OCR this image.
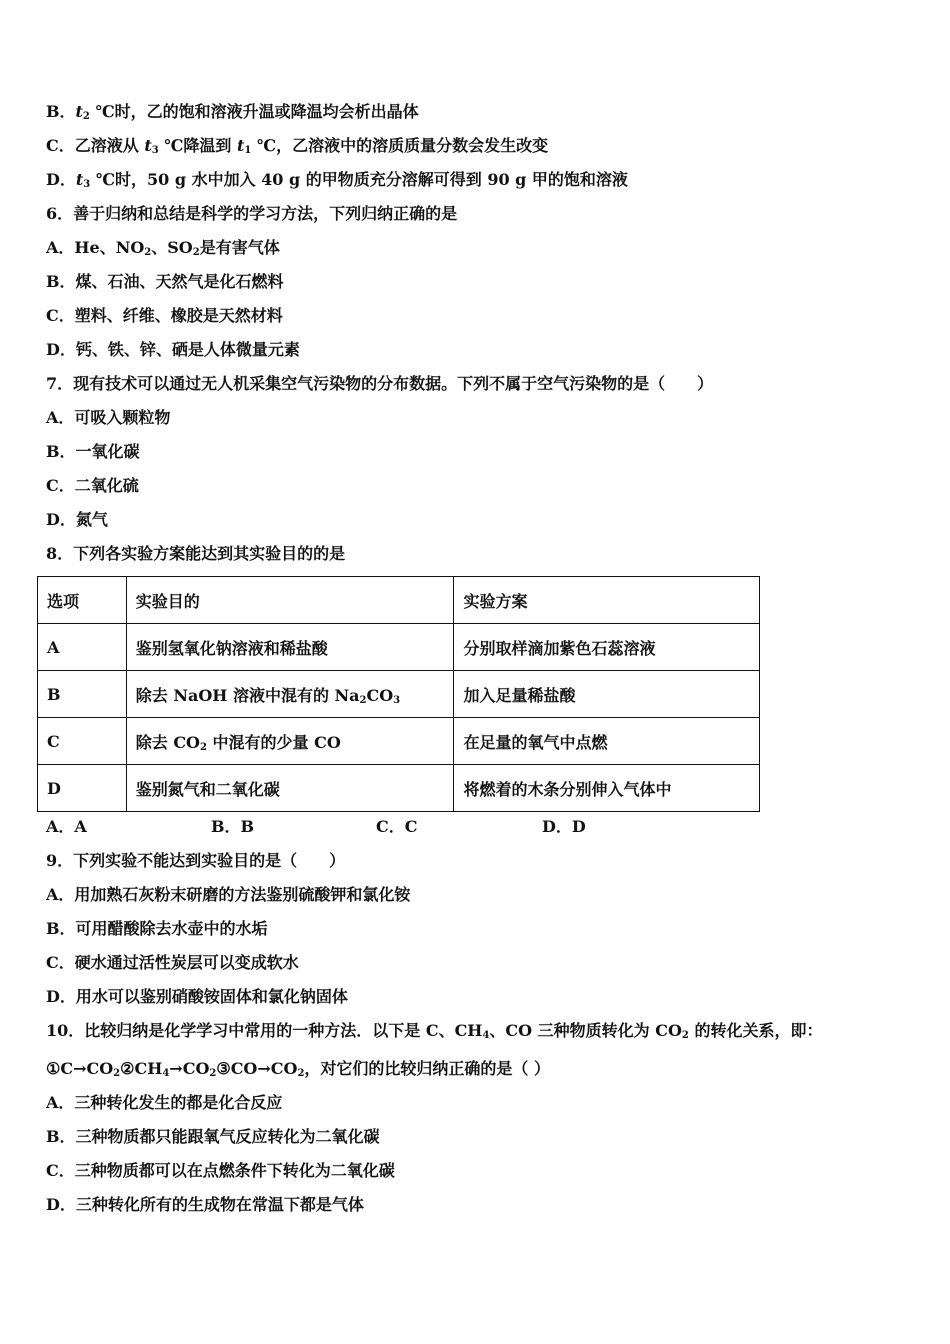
B．$t_2$ ℃时，乙的饱和溶液升温或降温均会析出晶体
C．乙溶液从 $t_3$ ℃降温到 $t_1$ ℃，乙溶液中的溶质质量分数会发生改变
D．$t_3$ ℃时，50 g 水中加入 40 g 的甲物质充分溶解可得到 90 g 甲的饱和溶液
6．善于归纳和总结是科学的学习方法，下列归纳正确的是
A．He、$NO_2$、$SO_2$是有害气体
B．煤、石油、天然气是化石燃料
C．塑料、纤维、橡胶是天然材料
D．钙、铁、锌、硒是人体微量元素
7．现有技术可以通过无人机采集空气污染物的分布数据。下列不属于空气污染物的是（　　）
A．可吸入颗粒物
B．一氧化碳
C．二氧化硫
D．氮气
8．下列各实验方案能达到其实验目的的是
选项	实验目的	实验方案
A	鉴别氢氧化钠溶液和稀盐酸	分别取样滴加紫色石蕊溶液
B	除去 NaOH 溶液中混有的 $Na_2CO_3$	加入足量稀盐酸
C	除去 $CO_2$ 中混有的少量 CO	在足量的氧气中点燃
D	鉴别氮气和二氧化碳	将燃着的木条分别伸入气体中
A．A	B．B	C．C	D．D
9．下列实验不能达到实验目的是（　　）
A．用加熟石灰粉末研磨的方法鉴别硫酸钾和氯化铵
B．可用醋酸除去水壶中的水垢
C．硬水通过活性炭层可以变成软水
D．用水可以鉴别硝酸铵固体和氯化钠固体
10．比较归纳是化学学习中常用的一种方法．以下是 C、$CH_4$、CO 三种物质转化为 $CO_2$ 的转化关系，即：
$①C\to CO_2②CH_4\to CO_2③CO\to CO_2$，对它们的比较归纳正确的是（ ）
A．三种转化发生的都是化合反应
B．三种物质都只能跟氧气反应转化为二氧化碳
C．三种物质都可以在点燃条件下转化为二氧化碳
D．三种转化所有的生成物在常温下都是气体
